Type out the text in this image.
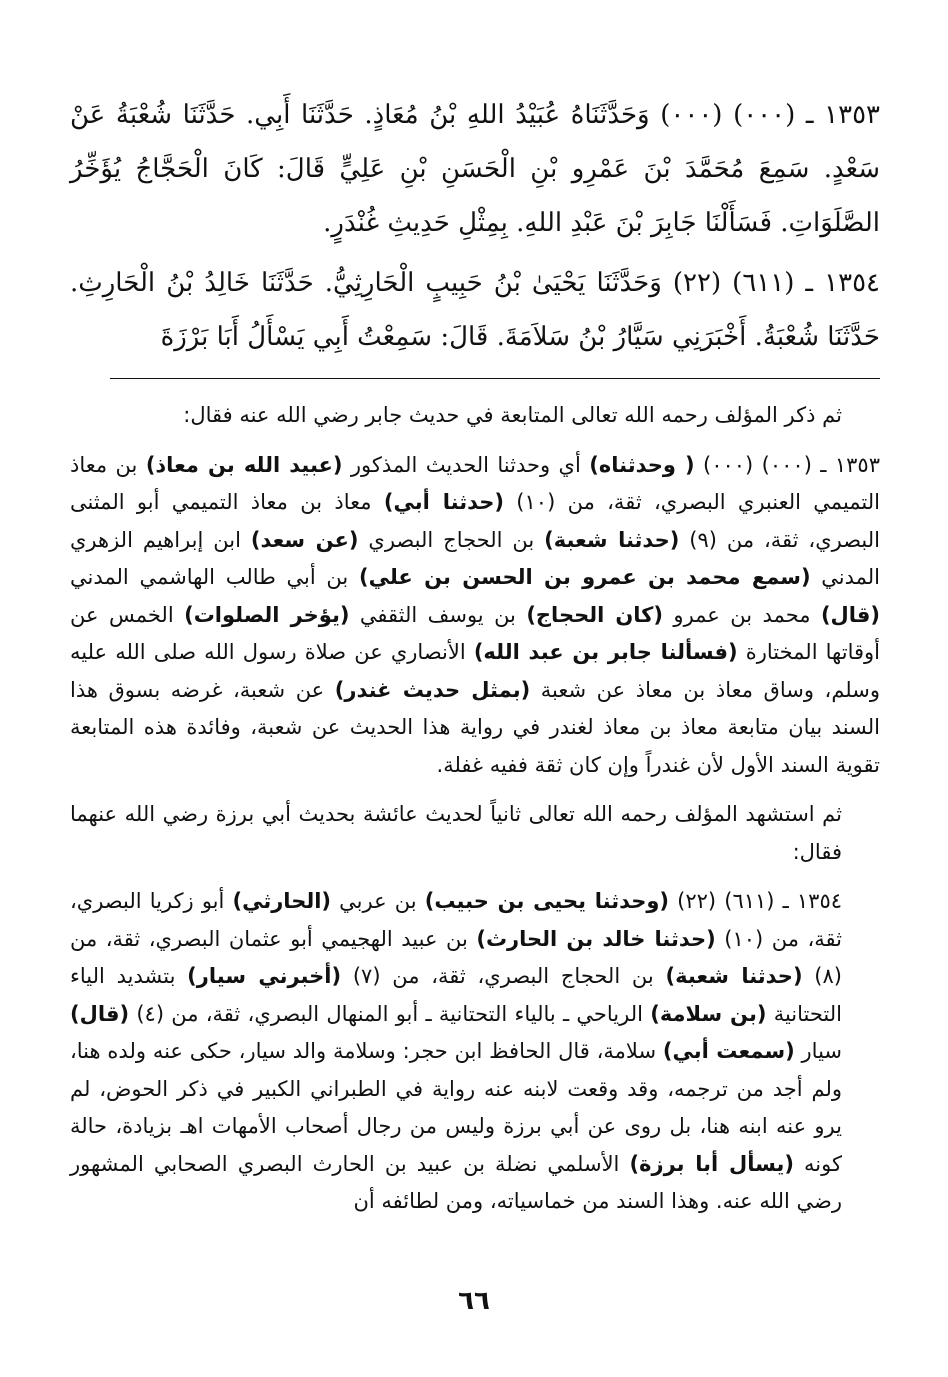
١٣٥٣ ـ (٠٠٠) (٠٠٠) وَحَدَّثَنَاهُ عُبَيْدُ اللهِ بْنُ مُعَاذٍ. حَدَّثَنَا أَبِي. حَدَّثَنَا شُعْبَةُ عَنْ سَعْدٍ. سَمِعَ مُحَمَّدَ بْنَ عَمْرِو بْنِ الْحَسَنِ بْنِ عَلِيٍّ قَالَ: كَانَ الْحَجَّاجُ يُؤَخِّرُ الصَّلَوَاتِ. فَسَأَلْنَا جَابِرَ بْنَ عَبْدِ اللهِ. بِمِثْلِ حَدِيثِ غُنْدَرٍ.

١٣٥٤ ـ (٦١١) (٢٢) وَحَدَّثَنَا يَحْيَىٰ بْنُ حَبِيبٍ الْحَارِثِيُّ. حَدَّثَنَا خَالِدُ بْنُ الْحَارِثِ. حَدَّثَنَا شُعْبَةُ. أَخْبَرَنِي سَيَّارُ بْنُ سَلاَمَةَ. قَالَ: سَمِعْتُ أَبِي يَسْأَلُ أَبَا بَرْزَةَ

ثم ذكر المؤلف رحمه الله تعالى المتابعة في حديث جابر رضي الله عنه فقال:

١٣٥٣ ـ (٠٠٠) (٠٠٠) ( وحدثناه) أي وحدثنا الحديث المذكور (عبيد الله بن معاذ) بن معاذ التميمي العنبري البصري، ثقة، من (١٠) (حدثنا أبي) معاذ بن معاذ التميمي أبو المثنى البصري، ثقة، من (٩) (حدثنا شعبة) بن الحجاج البصري (عن سعد) ابن إبراهيم الزهري المدني (سمع محمد بن عمرو بن الحسن بن علي) بن أبي طالب الهاشمي المدني (قال) محمد بن عمرو (كان الحجاج) بن يوسف الثقفي (يؤخر الصلوات) الخمس عن أوقاتها المختارة (فسألنا جابر بن عبد الله) الأنصاري عن صلاة رسول الله صلى الله عليه وسلم، وساق معاذ بن معاذ عن شعبة (بمثل حديث غندر) عن شعبة، غرضه بسوق هذا السند بيان متابعة معاذ بن معاذ لغندر في رواية هذا الحديث عن شعبة، وفائدة هذه المتابعة تقوية السند الأول لأن غندراً وإن كان ثقة ففيه غفلة.

ثم استشهد المؤلف رحمه الله تعالى ثانياً لحديث عائشة بحديث أبي برزة رضي الله عنهما فقال:

١٣٥٤ ـ (٦١١) (٢٢) (وحدثنا يحيى بن حبيب) بن عربي (الحارثي) أبو زكريا البصري، ثقة، من (١٠) (حدثنا خالد بن الحارث) بن عبيد الهجيمي أبو عثمان البصري، ثقة، من (٨) (حدثنا شعبة) بن الحجاج البصري، ثقة، من (٧) (أخبرني سيار) بتشديد الياء التحتانية (بن سلامة) الرياحي ـ بالياء التحتانية ـ أبو المنهال البصري، ثقة، من (٤) (قال) سيار (سمعت أبي) سلامة، قال الحافظ ابن حجر: وسلامة والد سيار، حكى عنه ولده هنا، ولم أجد من ترجمه، وقد وقعت لابنه عنه رواية في الطبراني الكبير في ذكر الحوض، لم يرو عنه ابنه هنا، بل روى عن أبي برزة وليس من رجال أصحاب الأمهات اهـ بزيادة، حالة كونه (يسأل أبا برزة) الأسلمي نضلة بن عبيد بن الحارث البصري الصحابي المشهور رضي الله عنه. وهذا السند من خماسياته، ومن لطائفه أن

٦٦
